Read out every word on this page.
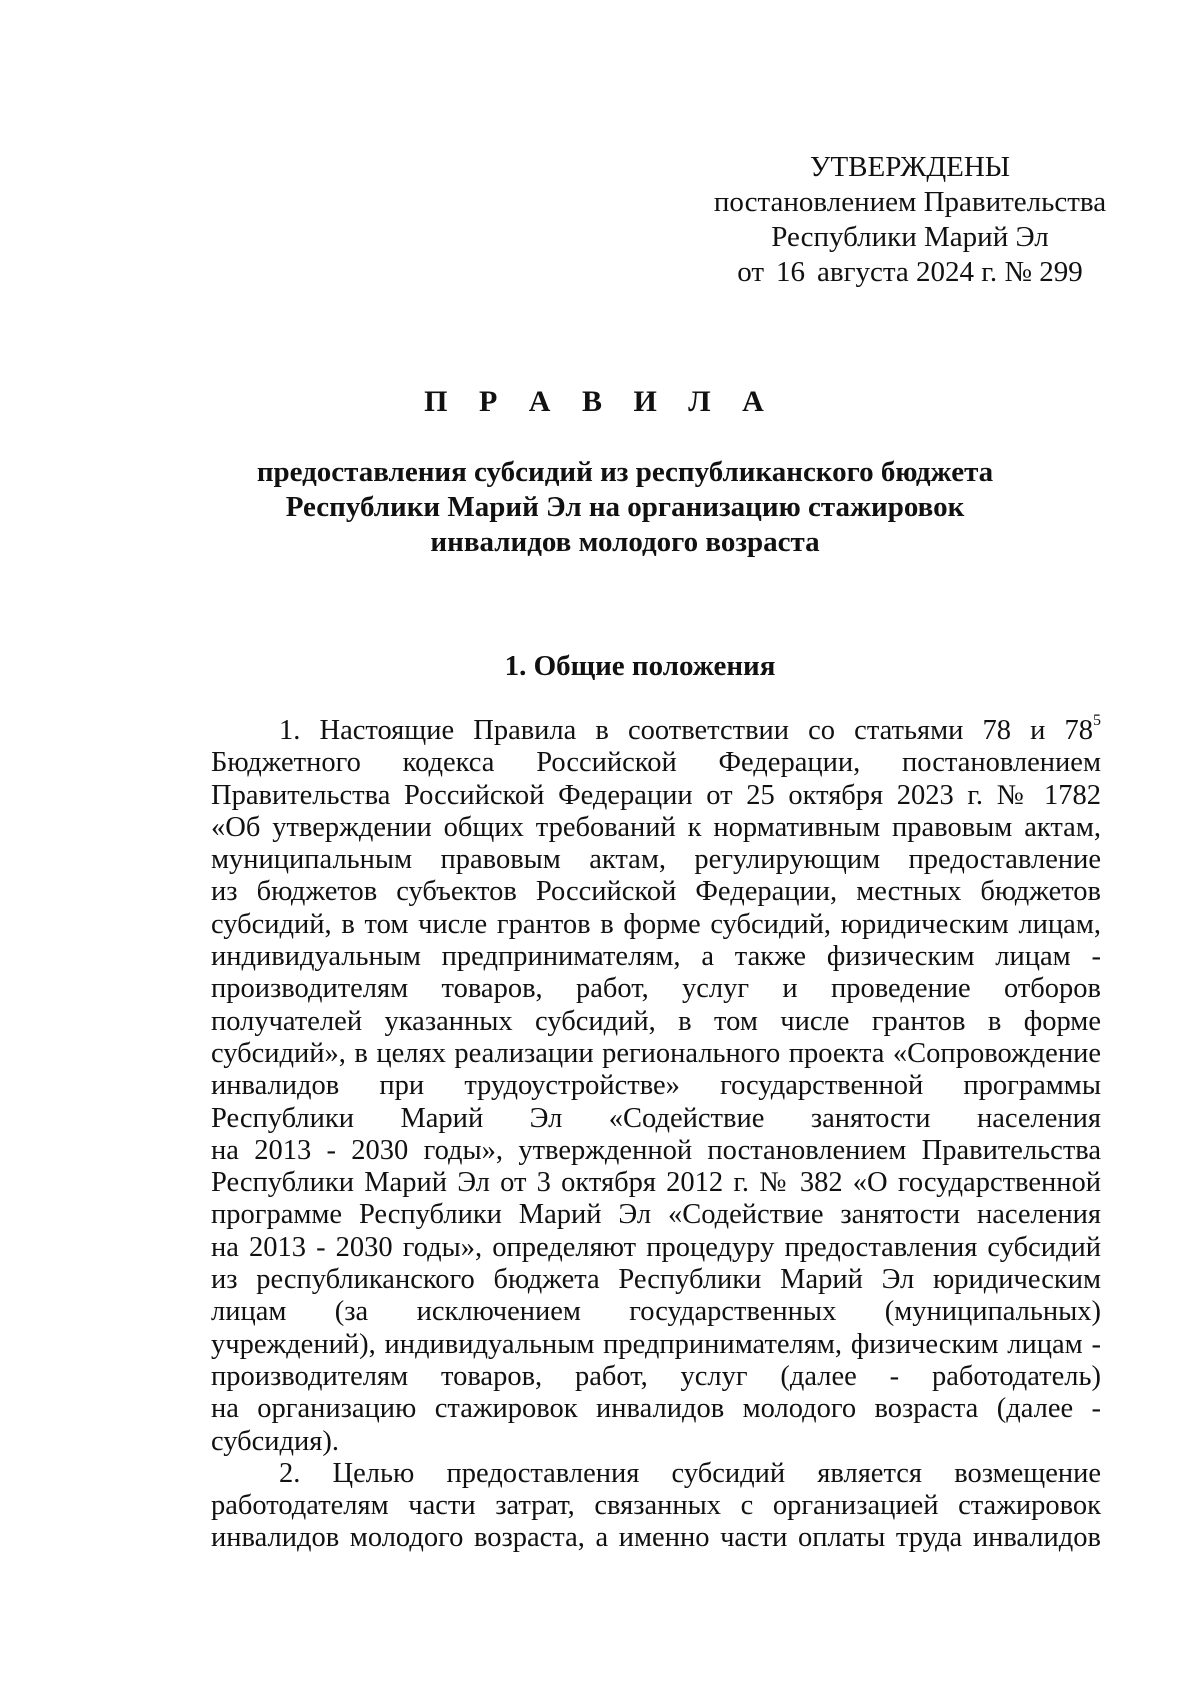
УТВЕРЖДЕНЫ
постановлением Правительства
Республики Марий Эл
от 16 августа 2024 г. № 299
П Р А В И Л А
предоставления субсидий из республиканского бюджета
Республики Марий Эл на организацию стажировок
инвалидов молодого возраста
1. Общие положения
1. Настоящие Правила в соответствии со статьями 78 и $78^5$
Бюджетного кодекса Российской Федерации, постановлением
Правительства Российской Федерации от 25 октября 2023 г. № 1782
«Об утверждении общих требований к нормативным правовым актам,
муниципальным правовым актам, регулирующим предоставление
из бюджетов субъектов Российской Федерации, местных бюджетов
субсидий, в том числе грантов в форме субсидий, юридическим лицам,
индивидуальным предпринимателям, а также физическим лицам -
производителям товаров, работ, услуг и проведение отборов
получателей указанных субсидий, в том числе грантов в форме
субсидий», в целях реализации регионального проекта «Сопровождение
инвалидов при трудоустройстве» государственной программы
Республики Марий Эл «Содействие занятости населения
на 2013 - 2030 годы», утвержденной постановлением Правительства
Республики Марий Эл от 3 октября 2012 г. № 382 «О государственной
программе Республики Марий Эл «Содействие занятости населения
на 2013 - 2030 годы», определяют процедуру предоставления субсидий
из республиканского бюджета Республики Марий Эл юридическим
лицам (за исключением государственных (муниципальных)
учреждений), индивидуальным предпринимателям, физическим лицам -
производителям товаров, работ, услуг (далее - работодатель)
на организацию стажировок инвалидов молодого возраста (далее -
субсидия).
2. Целью предоставления субсидий является возмещение
работодателям части затрат, связанных с организацией стажировок
инвалидов молодого возраста, а именно части оплаты труда инвалидов
